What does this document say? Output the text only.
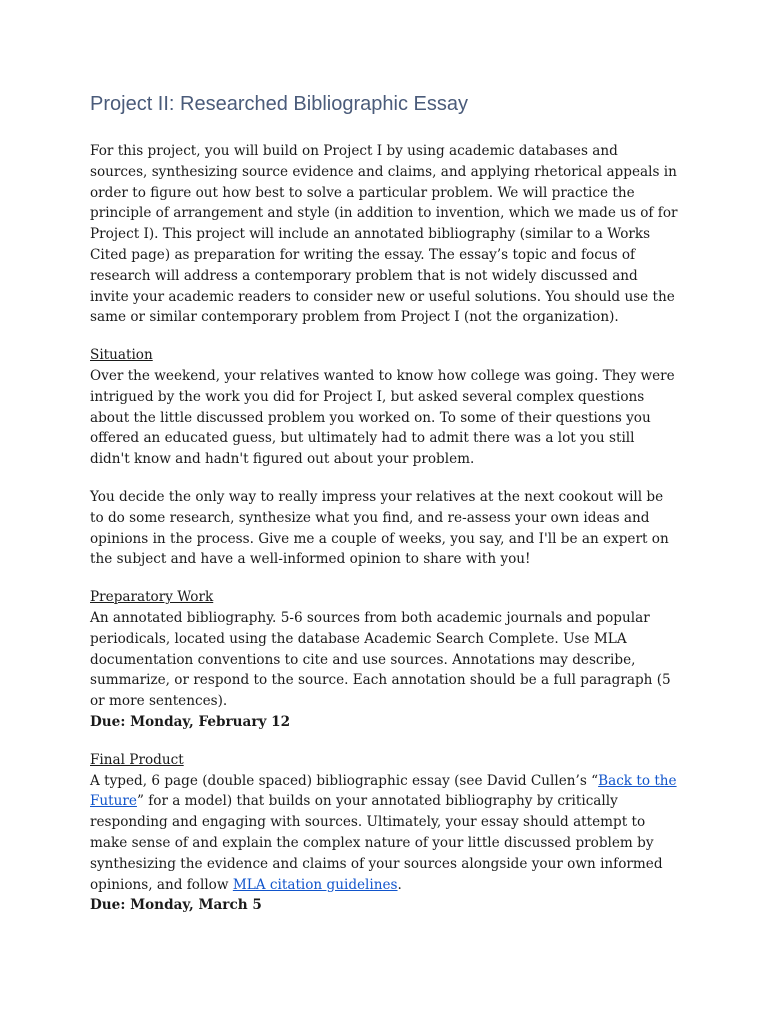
Project II: Researched Bibliographic Essay

For this project, you will build on Project I by using academic databases and sources, synthesizing source evidence and claims, and applying rhetorical appeals in order to figure out how best to solve a particular problem. We will practice the principle of arrangement and style (in addition to invention, which we made us of for Project I). This project will include an annotated bibliography (similar to a Works Cited page) as preparation for writing the essay. The essay’s topic and focus of research will address a contemporary problem that is not widely discussed and invite your academic readers to consider new or useful solutions. You should use the same or similar contemporary problem from Project I (not the organization).

Situation

Over the weekend, your relatives wanted to know how college was going. They were intrigued by the work you did for Project I, but asked several complex questions about the little discussed problem you worked on. To some of their questions you offered an educated guess, but ultimately had to admit there was a lot you still didn't know and hadn't figured out about your problem.

You decide the only way to really impress your relatives at the next cookout will be to do some research, synthesize what you find, and re-assess your own ideas and opinions in the process. Give me a couple of weeks, you say, and I'll be an expert on the subject and have a well-informed opinion to share with you!

Preparatory Work

An annotated bibliography. 5-6 sources from both academic journals and popular periodicals, located using the database Academic Search Complete. Use MLA documentation conventions to cite and use sources. Annotations may describe, summarize, or respond to the source. Each annotation should be a full paragraph (5 or more sentences).

Due: Monday, February 12

Final Product

A typed, 6 page (double spaced) bibliographic essay (see David Cullen’s “Back to the Future” for a model) that builds on your annotated bibliography by critically responding and engaging with sources. Ultimately, your essay should attempt to make sense of and explain the complex nature of your little discussed problem by synthesizing the evidence and claims of your sources alongside your own informed opinions, and follow MLA citation guidelines.

Due: Monday, March 5
